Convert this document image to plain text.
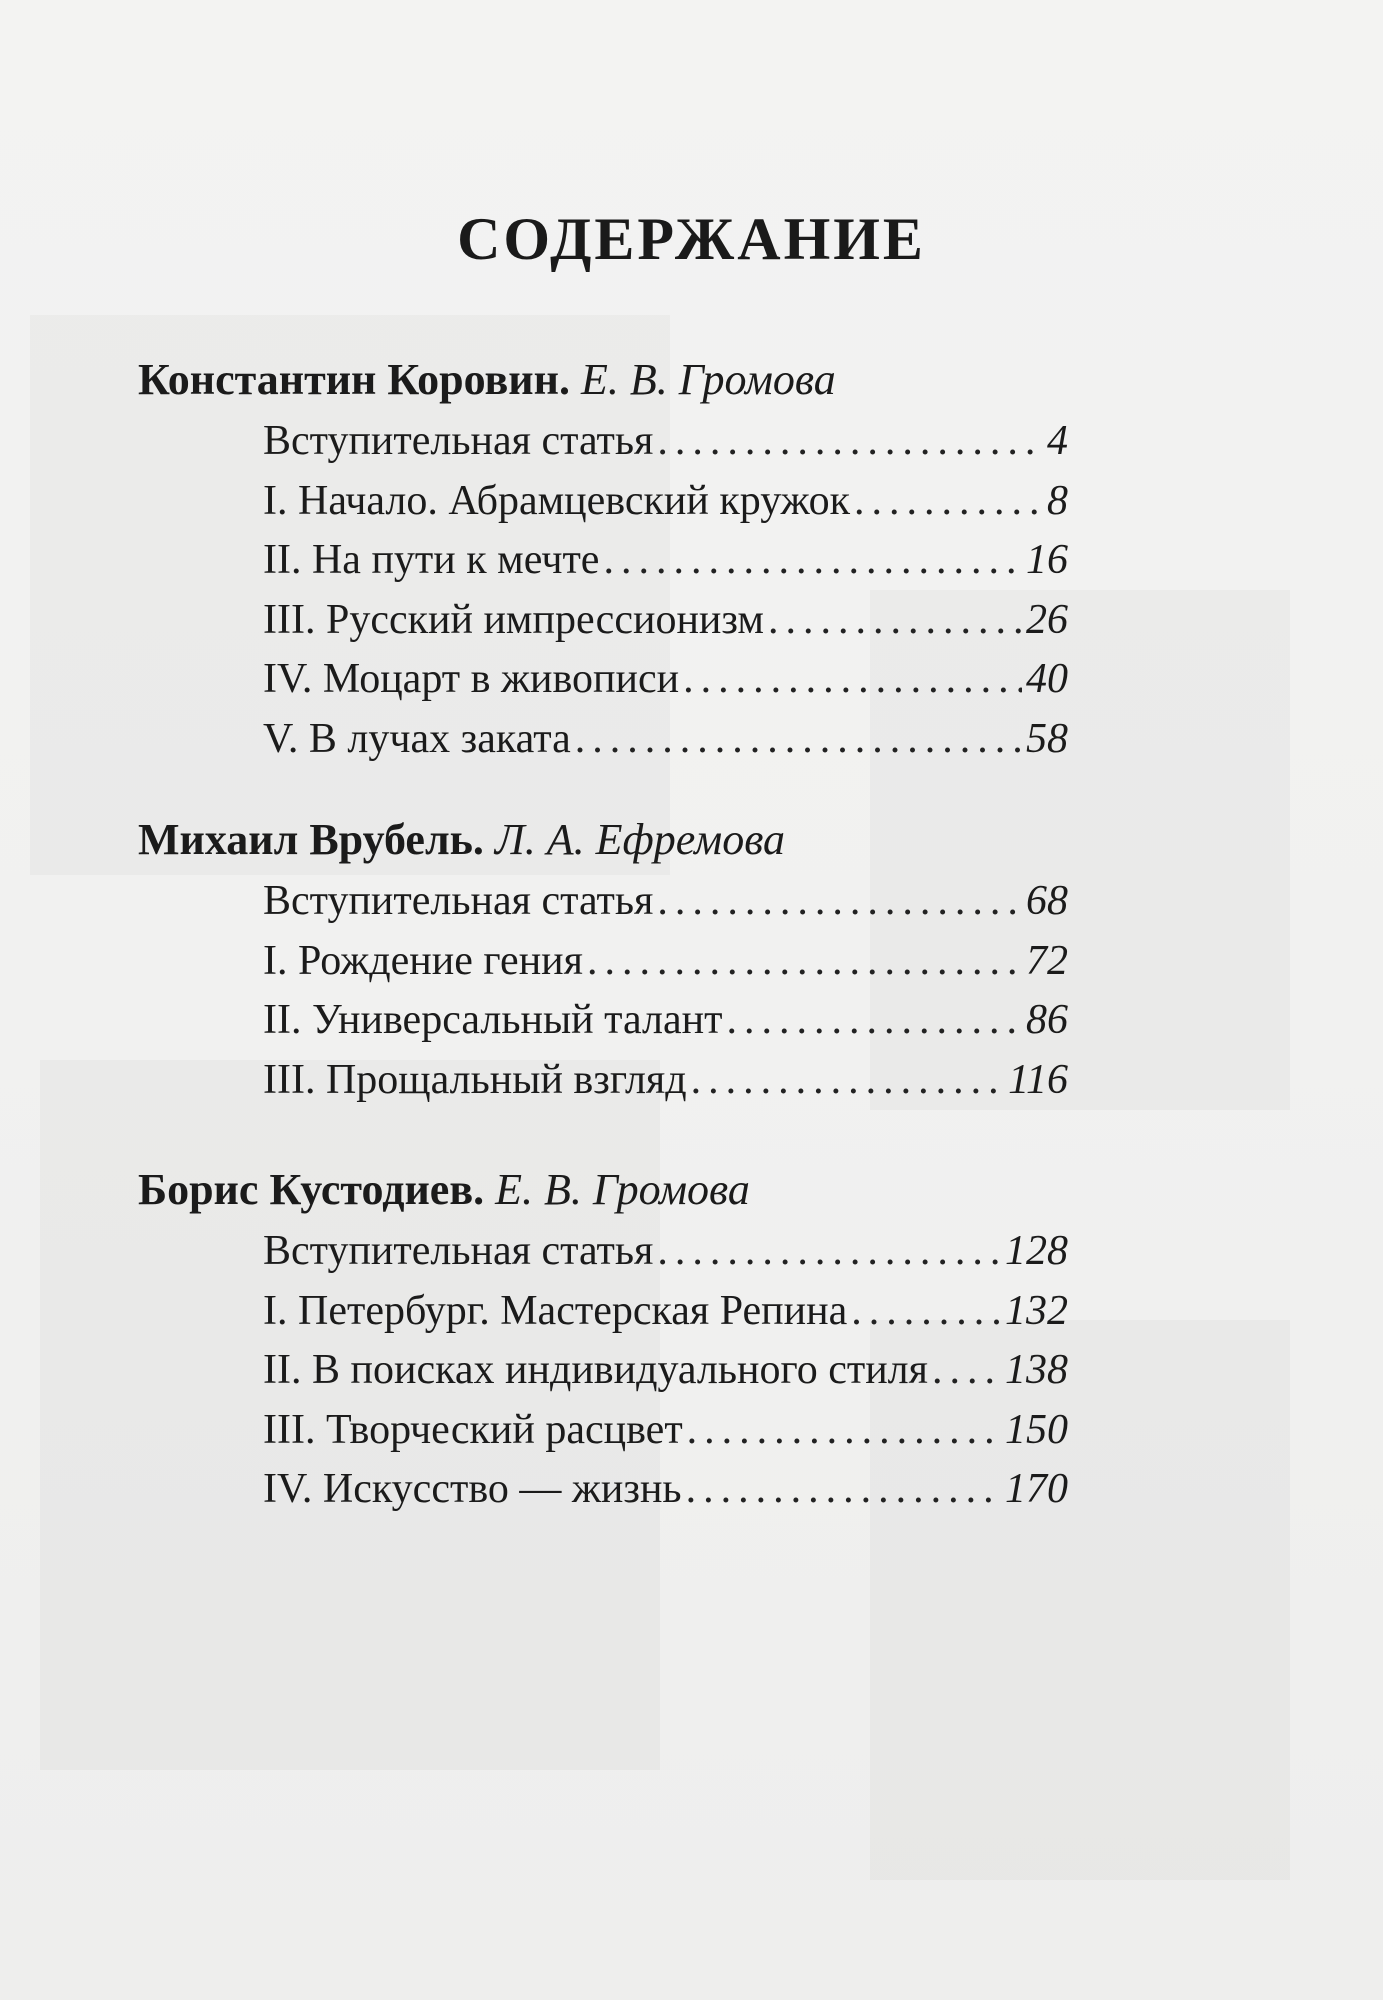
СОДЕРЖАНИЕ
Константин Коровин. Е. В. Громова
Вступительная статья .....	4
I. Начало. Абрамцевский кружок .....	8
II. На пути к мечте .....	16
III. Русский импрессионизм .....	26
IV. Моцарт в живописи .....	40
V. В лучах заката .....	58
Михаил Врубель. Л. А. Ефремова
Вступительная статья .....	68
I. Рождение гения .....	72
II. Универсальный талант .....	86
III. Прощальный взгляд .....	116
Борис Кустодиев. Е. В. Громова
Вступительная статья .....	128
I. Петербург. Мастерская Репина .....	132
II. В поисках индивидуального стиля ..... 138
III. Творческий расцвет .....	150
IV. Искусство — жизнь .....	170
